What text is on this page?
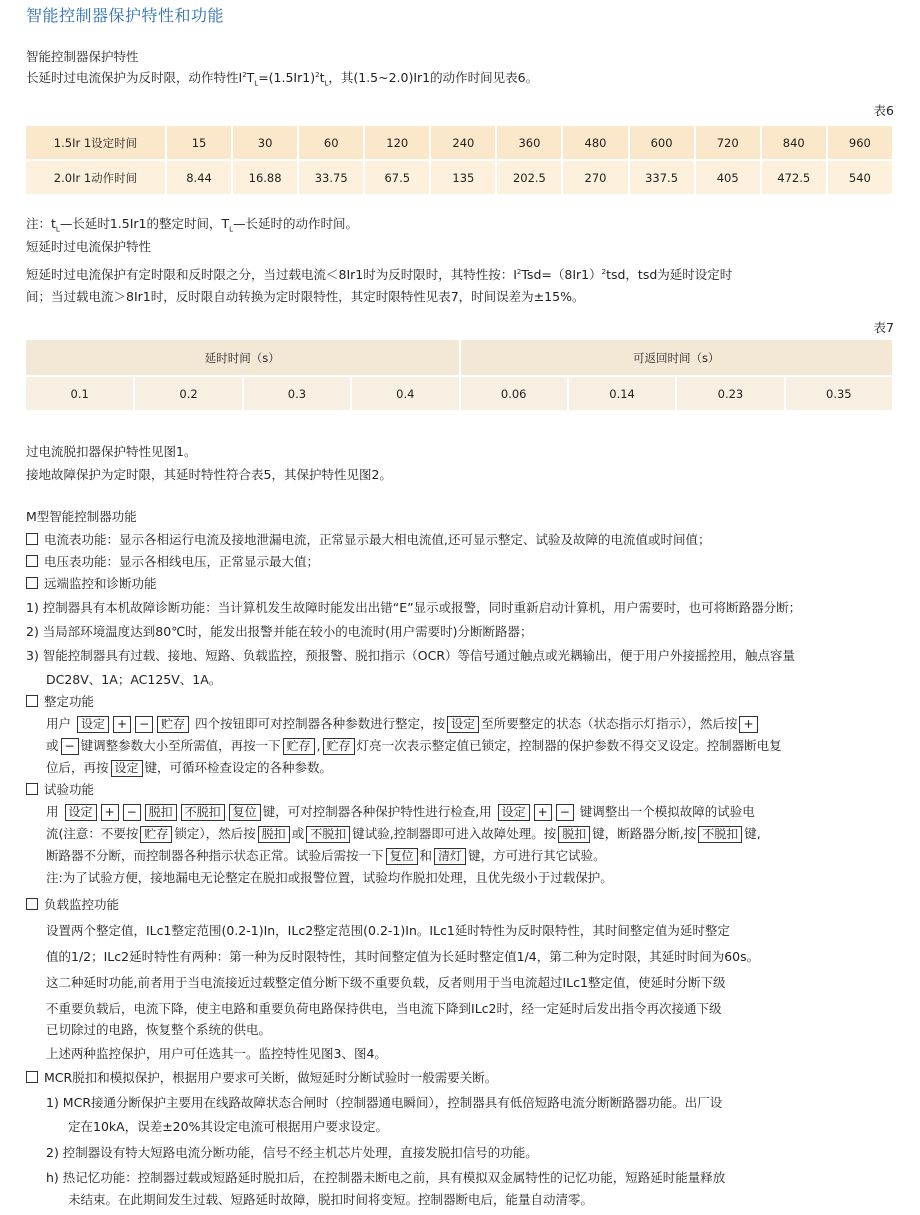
智能控制器保护特性和功能
智能控制器保护特性
长延时过电流保护为反时限，动作特性$I^2T_L=(1.5Ir1)^2t_L$，其(1.5~2.0)Ir1的动作时间见表6。
表6
1.5Ir 1设定时间	15	30	60	120	240	360	480	600	720	840	960
2.0Ir 1动作时间	8.44	16.88	33.75	67.5	135	202.5	270	337.5	405	472.5	540
注：$t_L—$长延时1.5Ir1的整定时间，$T_L—$长延时的动作时间。
短延时过电流保护特性
短延时过电流保护有定时限和反时限之分，当过载电流＜8Ir1时为反时限时，其特性按：$I^2Tsd=(8Ir1)^2tsd$，tsd为延时设定时
间；当过载电流＞8Ir1时，反时限自动转换为定时限特性，其定时限特性见表7，时间误差为±15%。
表7
延时时间（s）				可返回时间（s）			
0.1	0.2	0.3	0.4	0.06	0.14	0.23	0.35
过电流脱扣器保护特性见图1。
接地故障保护为定时限，其延时特性符合表5，其保护特性见图2。
M型智能控制器功能
电流表功能：显示各相运行电流及接地泄漏电流，正常显示最大相电流值,还可显示整定、试验及故障的电流值或时间值；
电压表功能：显示各相线电压，正常显示最大值；
远端监控和诊断功能
1) 控制器具有本机故障诊断功能：当计算机发生故障时能发出出错“E”显示或报警，同时重新启动计算机，用户需要时，也可将断路器分断；
2) 当局部环境温度达到80℃时，能发出报警并能在较小的电流时(用户需要时)分断断路器；
3) 智能控制器具有过载、接地、短路、负载监控，预报警、脱扣指示（OCR）等信号通过触点或光耦输出，便于用户外接摇控用，触点容量
DC28V、1A；AC125V、1A。
整定功能
用户 设定 + − 贮存 四个按钮即可对控制器各种参数进行整定，按 设定 至所要整定的状态（状态指示灯指示），然后按 +
或 − 键调整参数大小至所需值，再按一下 贮存 , 贮存 灯亮一次表示整定值已锁定，控制器的保护参数不得交叉设定。控制器断电复
位后，再按 设定 键，可循环检查设定的各种参数。
试验功能
用 设定 + − 脱扣 不脱扣 复位 键，可对控制器各种保护特性进行检查,用 设定 + − 键调整出一个模拟故障的试验电
流(注意：不要按 贮存 锁定），然后按 脱扣 或 不脱扣 键试验,控制器即可进入故障处理。按 脱扣 键，断路器分断,按 不脱扣 键,
断路器不分断，而控制器各种指示状态正常。试验后需按一下 复位 和 清灯 键，方可进行其它试验。
注:为了试验方便，接地漏电无论整定在脱扣或报警位置，试验均作脱扣处理，且优先级小于过载保护。
负载监控功能
设置两个整定值，ILc1整定范围(0.2-1)In，ILc2整定范围(0.2-1)In。ILc1延时特性为反时限特性，其时间整定值为延时整定
值的1/2；ILc2延时特性有两种：第一种为反时限特性，其时间整定值为长延时整定值1/4，第二种为定时限，其延时时间为60s。
这二种延时功能,前者用于当电流接近过载整定值分断下级不重要负载，反者则用于当电流超过ILc1整定值，使延时分断下级
不重要负载后，电流下降，使主电路和重要负荷电路保持供电，当电流下降到ILc2时，经一定延时后发出指令再次接通下级
已切除过的电路，恢复整个系统的供电。
上述两种监控保护，用户可任选其一。监控特性见图3、图4。
MCR脱扣和模拟保护，根据用户要求可关断，做短延时分断试验时一般需要关断。
1) MCR接通分断保护主要用在线路故障状态合闸时（控制器通电瞬间），控制器具有低倍短路电流分断断路器功能。出厂设
定在10kA，误差±20%其设定电流可根据用户要求设定。
2) 控制器设有特大短路电流分断功能，信号不经主机芯片处理，直接发脱扣信号的功能。
h) 热记忆功能：控制器过载或短路延时脱扣后，在控制器未断电之前，具有模拟双金属特性的记忆功能，短路延时能量释放
未结束。在此期间发生过载、短路延时故障，脱扣时间将变短。控制器断电后，能量自动清零。
